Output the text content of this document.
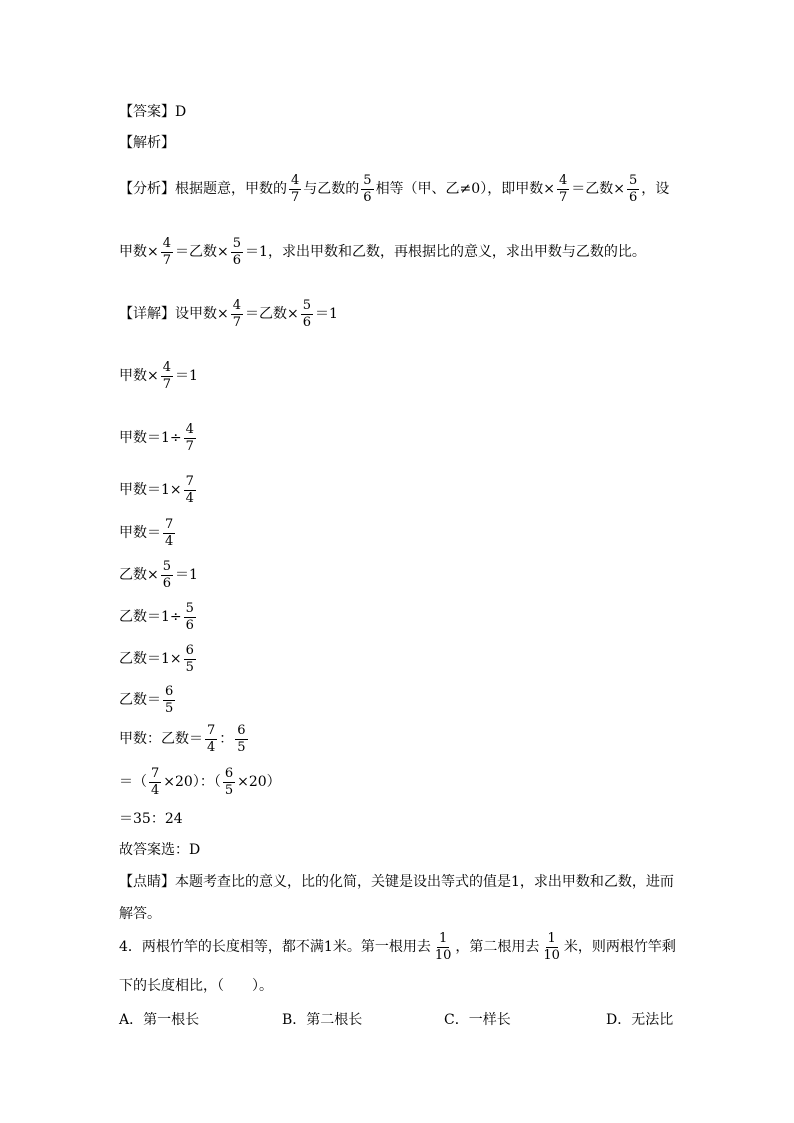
【答案】 D
【解析】
【分析】 根据题意，甲数的 $\frac{4}{7}$ 与乙数的 $\frac{5}{6}$ 相等（甲、乙≠0），即甲数× $\frac{4}{7}$ ＝乙数× $\frac{5}{6}$ ，设
甲数× $\frac{4}{7}$ ＝乙数× $\frac{5}{6} =1$，求出甲数和乙数，再根据比的意义，求出甲数与乙数的比。
【详解】 设甲数× $\frac{4}{7}$ ＝乙数× $\frac{5}{6} =1$
甲数× $\frac{4}{7} =1$
甲数$=1\div \frac{4}{7}$
甲数$=1\times \frac{7}{4}$
甲数＝ $\frac{7}{4}$
乙数× $\frac{5}{6} =1$
乙数$=1\div \frac{5}{6}$
乙数$=1\times \frac{6}{5}$
乙数＝ $\frac{6}{5}$
甲数：乙数＝ $\frac{7}{4}$ ： $\frac{6}{5}$
＝（ $\frac{7}{4} \times 20$）：（ $\frac{6}{5} \times 20$）
＝35：24
故答案选：D
【点睛】 本题考查比的意义，比的化简，关键是设出等式的值是1，求出甲数和乙数，进而
解答。
4．两根竹竿的长度相等，都不满1米。第一根用去 $\frac{1}{10}$ ，第二根用去 $\frac{1}{10}$ 米，则两根竹竿剩
下的长度相比，（　　）。
A．第一根长	B．第二根长	C．一样长	D．无法比
